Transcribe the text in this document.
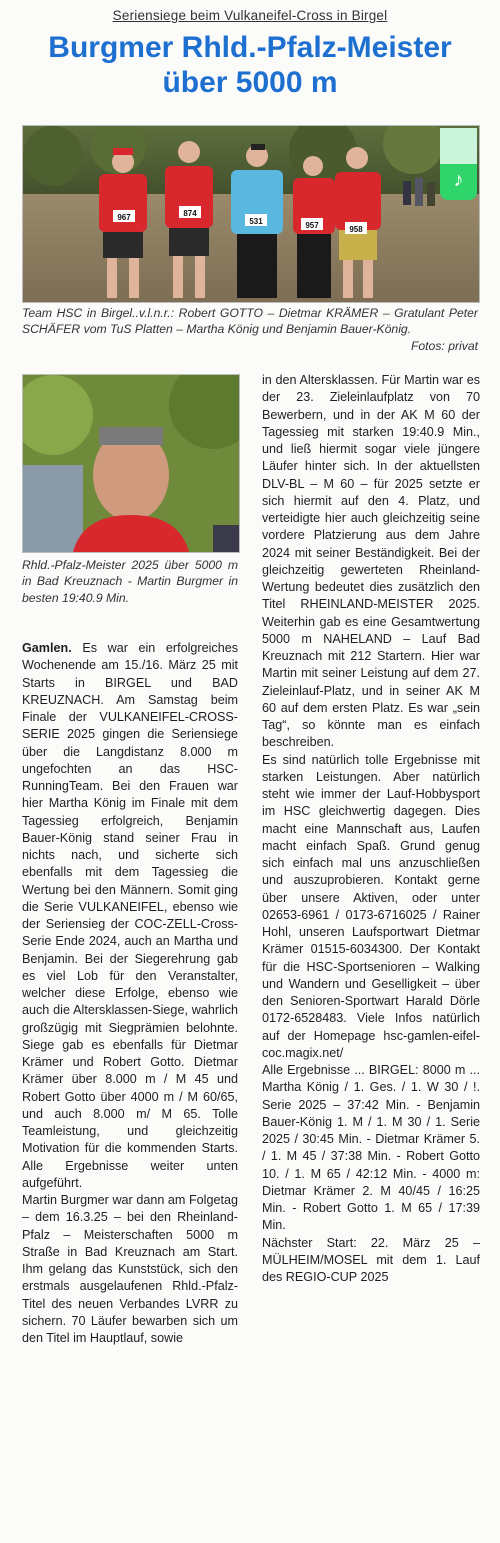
Seriensiege beim Vulkaneifel-Cross in Birgel
Burgmer Rhld.-Pfalz-Meister über 5000 m
967	874
531	957	958
♪
Team HSC in Birgel..v.l.n.r.: Robert GOTTO – Dietmar KRÄMER – Gratulant Peter SCHÄFER vom TuS Platten – Martha König und Benjamin Bauer-König.
Fotos: privat
Rhld.-Pfalz-Meister 2025 über 5000 m in Bad Kreuznach - Martin Burgmer in besten 19:40.9 Min.

Gamlen. Es war ein erfolgreiches Wochenende am 15./16. März 25 mit Starts in BIRGEL und BAD KREUZNACH. Am Samstag beim Finale der VULKANEIFEL-CROSS-SERIE 2025 gingen die Seriensiege über die Langdistanz 8.000 m ungefochten an das HSC-RunningTeam. Bei den Frauen war hier Martha König im Finale mit dem Tagessieg erfolgreich, Benjamin Bauer-König stand seiner Frau in nichts nach, und sicherte sich ebenfalls mit dem Tagessieg die Wertung bei den Männern. Somit ging die Serie VULKANEIFEL, ebenso wie der Seriensieg der COC-ZELL-Cross-Serie Ende 2024, auch an Martha und Benjamin. Bei der Siegerehrung gab es viel Lob für den Veranstalter, welcher diese Erfolge, ebenso wie auch die Altersklassen-Siege, wahrlich großzügig mit Siegprämien belohnte. Siege gab es ebenfalls für Dietmar Krämer und Robert Gotto. Dietmar Krämer über 8.000 m / M 45 und Robert Gotto über 4000 m / M 60/65, und auch 8.000 m/ M 65. Tolle Teamleistung, und gleichzeitig Motivation für die kommenden Starts. Alle Ergebnisse weiter unten aufgeführt.

Martin Burgmer war dann am Folgetag – dem 16.3.25 – bei den Rheinland-Pfalz – Meisterschaften 5000 m Straße in Bad Kreuznach am Start. Ihm gelang das Kunststück, sich den erstmals ausgelaufenen Rhld.-Pfalz-Titel des neuen Verbandes LVRR zu sichern. 70 Läufer bewarben sich um den Titel im Hauptlauf, sowie

in den Altersklassen. Für Martin war es der 23. Zieleinlaufplatz von 70 Bewerbern, und in der AK M 60 der Tagessieg mit starken 19:40.9 Min., und ließ hiermit sogar viele jüngere Läufer hinter sich. In der aktuellsten DLV-BL – M 60 – für 2025 setzte er sich hiermit auf den 4. Platz, und verteidigte hier auch gleichzeitig seine vordere Platzierung aus dem Jahre 2024 mit seiner Beständigkeit. Bei der gleichzeitig gewerteten Rheinland-Wertung bedeutet dies zusätzlich den Titel RHEINLAND-MEISTER 2025. Weiterhin gab es eine Gesamtwertung 5000 m NAHELAND – Lauf Bad Kreuznach mit 212 Startern. Hier war Martin mit seiner Leistung auf dem 27. Zieleinlauf-Platz, und in seiner AK M 60 auf dem ersten Platz. Es war „sein Tag“, so könnte man es einfach beschreiben.

Es sind natürlich tolle Ergebnisse mit starken Leistungen. Aber natürlich steht wie immer der Lauf-Hobbysport im HSC gleichwertig dagegen. Dies macht eine Mannschaft aus, Laufen macht einfach Spaß. Grund genug sich einfach mal uns anzuschließen und auszuprobieren. Kontakt gerne über unsere Aktiven, oder unter 02653-6961 / 0173-6716025 / Rainer Hohl, unseren Laufsportwart Dietmar Krämer 01515-6034300. Der Kontakt für die HSC-Sportsenioren – Walking und Wandern und Geselligkeit – über den Senioren-Sportwart Harald Dörle 0172-6528483. Viele Infos natürlich auf der Homepage hsc-gamlen-eifel-coc.magix.net/

Alle Ergebnisse ... BIRGEL: 8000 m ... Martha König / 1. Ges. / 1. W 30 / !. Serie 2025 – 37:42 Min. - Benjamin Bauer-König 1. M / 1. M 30 / 1. Serie 2025 / 30:45 Min. - Dietmar Krämer 5. / 1. M 45 / 37:38 Min. - Robert Gotto 10. / 1. M 65 / 42:12 Min. - 4000 m: Dietmar Krämer 2. M 40/45 / 16:25 Min. - Robert Gotto 1. M 65 / 17:39 Min.

Nächster Start: 22. März 25 – MÜLHEIM/MOSEL mit dem 1. Lauf des REGIO-CUP 2025
